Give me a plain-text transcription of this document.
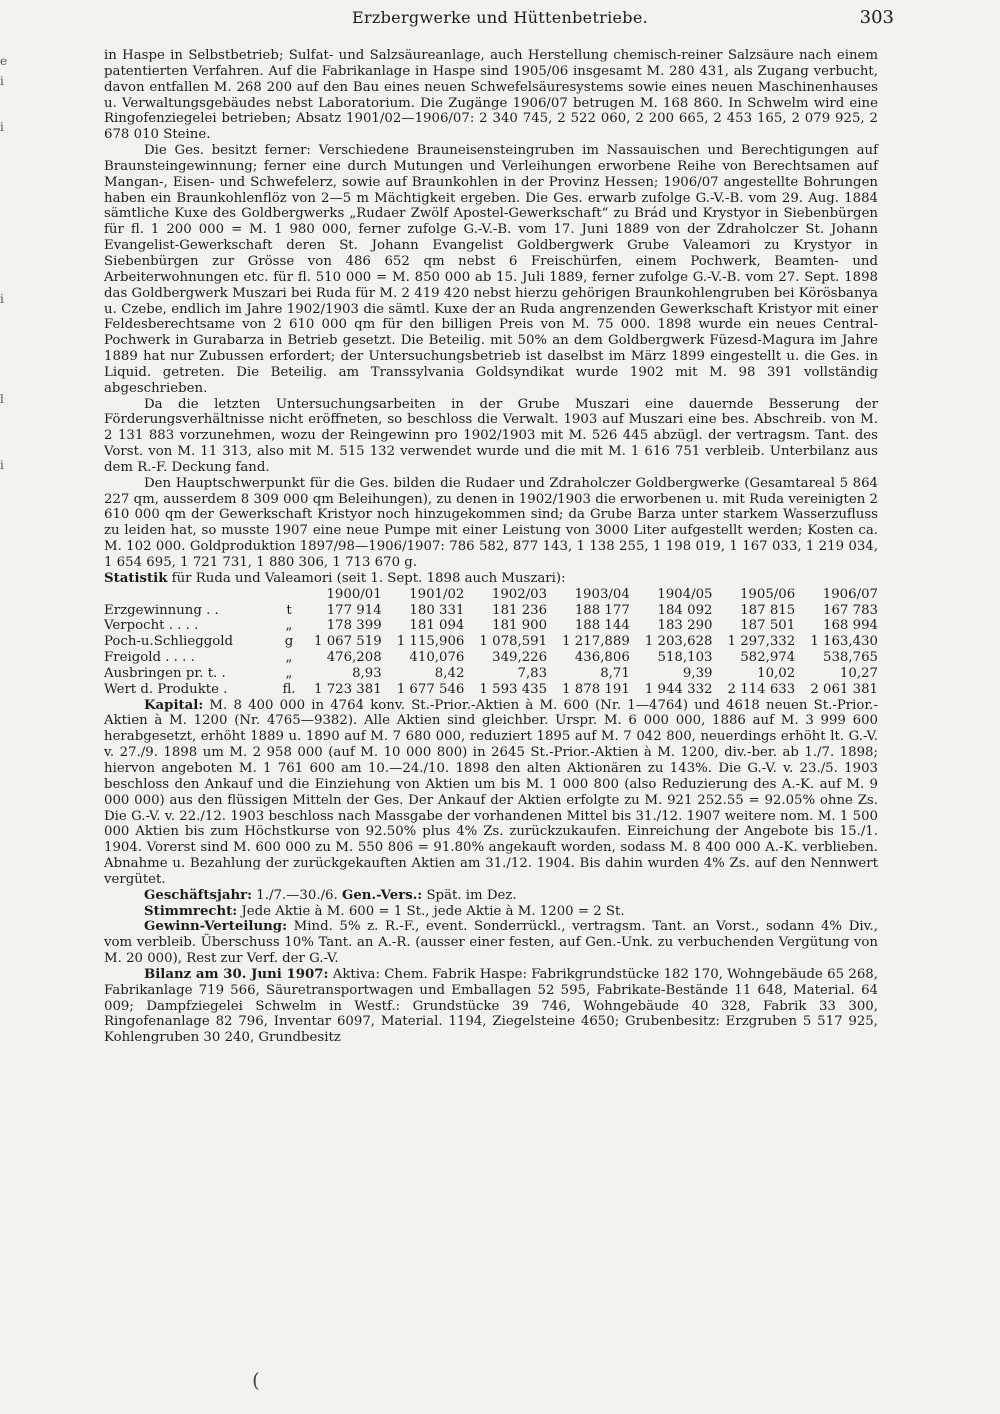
Erzbergwerke und Hüttenbetriebe.	303
e
i
i
i
l
i

in Haspe in Selbstbetrieb; Sulfat- und Salzsäureanlage, auch Herstellung chemisch-reiner Salzsäure nach einem patentierten Verfahren. Auf die Fabrikanlage in Haspe sind 1905/06 insgesamt M. 280 431, als Zugang verbucht, davon entfallen M. 268 200 auf den Bau eines neuen Schwefelsäuresystems sowie eines neuen Maschinenhauses u. Verwaltungsgebäudes nebst Laboratorium. Die Zugänge 1906/07 betrugen M. 168 860. In Schwelm wird eine Ringofenziegelei betrieben; Absatz 1901/02—1906/07: 2 340 745, 2 522 060, 2 200 665, 2 453 165, 2 079 925, 2 678 010 Steine.

Die Ges. besitzt ferner: Verschiedene Brauneisensteingruben im Nassauischen und Berechtigungen auf Braunsteingewinnung; ferner eine durch Mutungen und Verleihungen erworbene Reihe von Berechtsamen auf Mangan-, Eisen- und Schwefelerz, sowie auf Braunkohlen in der Provinz Hessen; 1906/07 angestellte Bohrungen haben ein Braunkohlenflöz von 2—5 m Mächtigkeit ergeben. Die Ges. erwarb zufolge G.-V.-B. vom 29. Aug. 1884 sämtliche Kuxe des Goldbergwerks „Rudaer Zwölf Apostel-Gewerkschaft“ zu Brád und Krystyor in Siebenbürgen für fl. 1 200 000 = M. 1 980 000, ferner zufolge G.-V.-B. vom 17. Juni 1889 von der Zdraholczer St. Johann Evangelist-Gewerkschaft deren St. Johann Evangelist Goldbergwerk Grube Valeamori zu Krystyor in Siebenbürgen zur Grösse von 486 652 qm nebst 6 Freischürfen, einem Pochwerk, Beamten- und Arbeiterwohnungen etc. für fl. 510 000 = M. 850 000 ab 15. Juli 1889, ferner zufolge G.-V.-B. vom 27. Sept. 1898 das Goldbergwerk Muszari bei Ruda für M. 2 419 420 nebst hierzu gehörigen Braunkohlengruben bei Körösbanya u. Czebe, endlich im Jahre 1902/1903 die sämtl. Kuxe der an Ruda angrenzenden Gewerkschaft Kristyor mit einer Feldesberechtsame von 2 610 000 qm für den billigen Preis von M. 75 000. 1898 wurde ein neues Central-Pochwerk in Gurabarza in Betrieb gesetzt. Die Beteilig. mit 50% an dem Goldbergwerk Füzesd-Magura im Jahre 1889 hat nur Zubussen erfordert; der Untersuchungsbetrieb ist daselbst im März 1899 eingestellt u. die Ges. in Liquid. getreten. Die Beteilig. am Transsylvania Goldsyndikat wurde 1902 mit M. 98 391 vollständig abgeschrieben.

Da die letzten Untersuchungsarbeiten in der Grube Muszari eine dauernde Besserung der Förderungsverhältnisse nicht eröffneten, so beschloss die Verwalt. 1903 auf Muszari eine bes. Abschreib. von M. 2 131 883 vorzunehmen, wozu der Reingewinn pro 1902/1903 mit M. 526 445 abzügl. der vertragsm. Tant. des Vorst. von M. 11 313, also mit M. 515 132 verwendet wurde und die mit M. 1 616 751 verbleib. Unterbilanz aus dem R.-F. Deckung fand.

Den Hauptschwerpunkt für die Ges. bilden die Rudaer und Zdraholczer Goldbergwerke (Gesamtareal 5 864 227 qm, ausserdem 8 309 000 qm Beleihungen), zu denen in 1902/1903 die erworbenen u. mit Ruda vereinigten 2 610 000 qm der Gewerkschaft Kristyor noch hinzugekommen sind; da Grube Barza unter starkem Wasserzufluss zu leiden hat, so musste 1907 eine neue Pumpe mit einer Leistung von 3000 Liter aufgestellt werden; Kosten ca. M. 102 000. Goldproduktion 1897/98—1906/1907: 786 582, 877 143, 1 138 255, 1 198 019, 1 167 033, 1 219 034, 1 654 695, 1 721 731, 1 880 306, 1 713 670 g.

Statistik für Ruda und Valeamori (seit 1. Sept. 1898 auch Muszari):

		1900/01	1901/02	1902/03	1903/04	1904/05	1905/06	1906/07
Erzgewinnung . .	t	177 914	180 331	181 236	188 177	184 092	187 815	167 783
Verpocht . . . .	„	178 399	181 094	181 900	188 144	183 290	187 501	168 994
Poch-u.Schlieggold	g	1 067 519	1 115,906	1 078,591	1 217,889	1 203,628	1 297,332	1 163,430
Freigold . . . .	„	476,208	410,076	349,226	436,806	518,103	582,974	538,765
Ausbringen pr. t. .	„	8,93	8,42	7,83	8,71	9,39	10,02	10,27
Wert d. Produkte .	fl.	1 723 381	1 677 546	1 593 435	1 878 191	1 944 332	2 114 633	2 061 381

Kapital: M. 8 400 000 in 4764 konv. St.-Prior.-Aktien à M. 600 (Nr. 1—4764) und 4618 neuen St.-Prior.-Aktien à M. 1200 (Nr. 4765—9382). Alle Aktien sind gleichber. Urspr. M. 6 000 000, 1886 auf M. 3 999 600 herabgesetzt, erhöht 1889 u. 1890 auf M. 7 680 000, reduziert 1895 auf M. 7 042 800, neuerdings erhöht lt. G.-V. v. 27./9. 1898 um M. 2 958 000 (auf M. 10 000 800) in 2645 St.-Prior.-Aktien à M. 1200, div.-ber. ab 1./7. 1898; hiervon angeboten M. 1 761 600 am 10.—24./10. 1898 den alten Aktionären zu 143%. Die G.-V. v. 23./5. 1903 beschloss den Ankauf und die Einziehung von Aktien um bis M. 1 000 800 (also Reduzierung des A.-K. auf M. 9 000 000) aus den flüssigen Mitteln der Ges. Der Ankauf der Aktien erfolgte zu M. 921 252.55 = 92.05% ohne Zs. Die G.-V. v. 22./12. 1903 beschloss nach Massgabe der vorhandenen Mittel bis 31./12. 1907 weitere nom. M. 1 500 000 Aktien bis zum Höchstkurse von 92.50% plus 4% Zs. zurückzukaufen. Einreichung der Angebote bis 15./1. 1904. Vorerst sind M. 600 000 zu M. 550 806 = 91.80% angekauft worden, sodass M. 8 400 000 A.-K. verblieben. Abnahme u. Bezahlung der zurückgekauften Aktien am 31./12. 1904. Bis dahin wurden 4% Zs. auf den Nennwert vergütet.

Geschäftsjahr: 1./7.—30./6. Gen.-Vers.: Spät. im Dez.

Stimmrecht: Jede Aktie à M. 600 = 1 St., jede Aktie à M. 1200 = 2 St.

Gewinn-Verteilung: Mind. 5% z. R.-F., event. Sonderrückl., vertragsm. Tant. an Vorst., sodann 4% Div., vom verbleib. Überschuss 10% Tant. an A.-R. (ausser einer festen, auf Gen.-Unk. zu verbuchenden Vergütung von M. 20 000), Rest zur Verf. der G.-V.

Bilanz am 30. Juni 1907: Aktiva: Chem. Fabrik Haspe: Fabrikgrundstücke 182 170, Wohngebäude 65 268, Fabrikanlage 719 566, Säuretransportwagen und Emballagen 52 595, Fabrikate-Bestände 11 648, Material. 64 009; Dampfziegelei Schwelm in Westf.: Grundstücke 39 746, Wohngebäude 40 328, Fabrik 33 300, Ringofenanlage 82 796, Inventar 6097, Material. 1194, Ziegelsteine 4650; Grubenbesitz: Erzgruben 5 517 925, Kohlengruben 30 240, Grundbesitz

(
